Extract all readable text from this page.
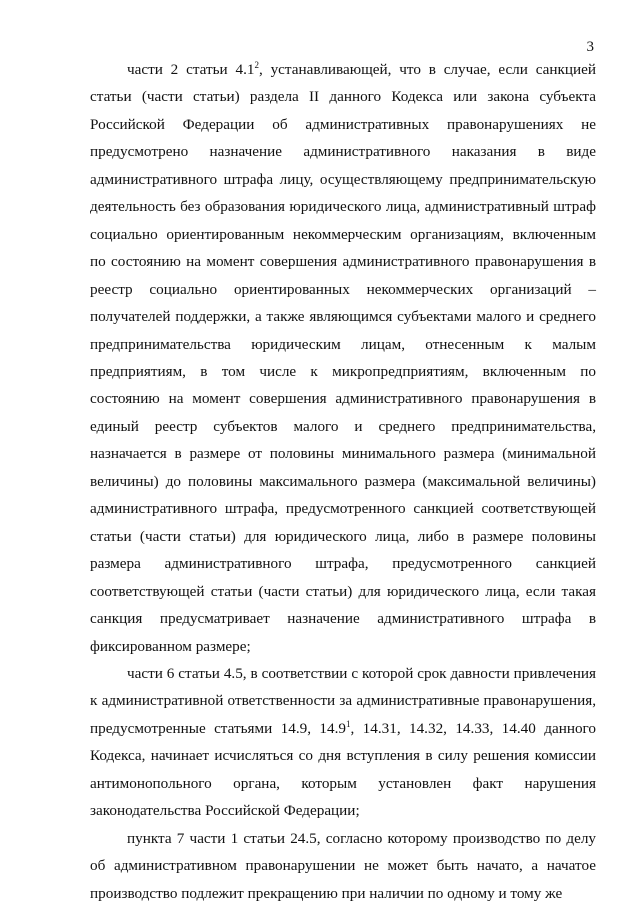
3

части 2 статьи $4.1^2$, устанавливающей, что в случае, если санкцией статьи (части статьи) раздела II данного Кодекса или закона субъекта Российской Федерации об административных правонарушениях не предусмотрено назначение административного наказания в виде административного штрафа лицу, осуществляющему предпринимательскую деятельность без образования юридического лица, административный штраф социально ориентированным некоммерческим организациям, включенным по состоянию на момент совершения административного правонарушения в реестр социально ориентированных некоммерческих организаций – получателей поддержки, а также являющимся субъектами малого и среднего предпринимательства юридическим лицам, отнесенным к малым предприятиям, в том числе к микропредприятиям, включенным по состоянию на момент совершения административного правонарушения в единый реестр субъектов малого и среднего предпринимательства, назначается в размере от половины минимального размера (минимальной величины) до половины максимального размера (максимальной величины) административного штрафа, предусмотренного санкцией соответствующей статьи (части статьи) для юридического лица, либо в размере половины размера административного штрафа, предусмотренного санкцией соответствующей статьи (части статьи) для юридического лица, если такая санкция предусматривает назначение административного штрафа в фиксированном размере;

части 6 статьи 4.5, в соответствии с которой срок давности привлечения к административной ответственности за административные правонарушения, предусмотренные статьями 14.9, 14.9$^1$, 14.31, 14.32, 14.33, 14.40 данного Кодекса, начинает исчисляться со дня вступления в силу решения комиссии антимонопольного органа, которым установлен факт нарушения законодательства Российской Федерации;

пункта 7 части 1 статьи 24.5, согласно которому производство по делу об административном правонарушении не может быть начато, а начатое производство подлежит прекращению при наличии по одному и тому же
